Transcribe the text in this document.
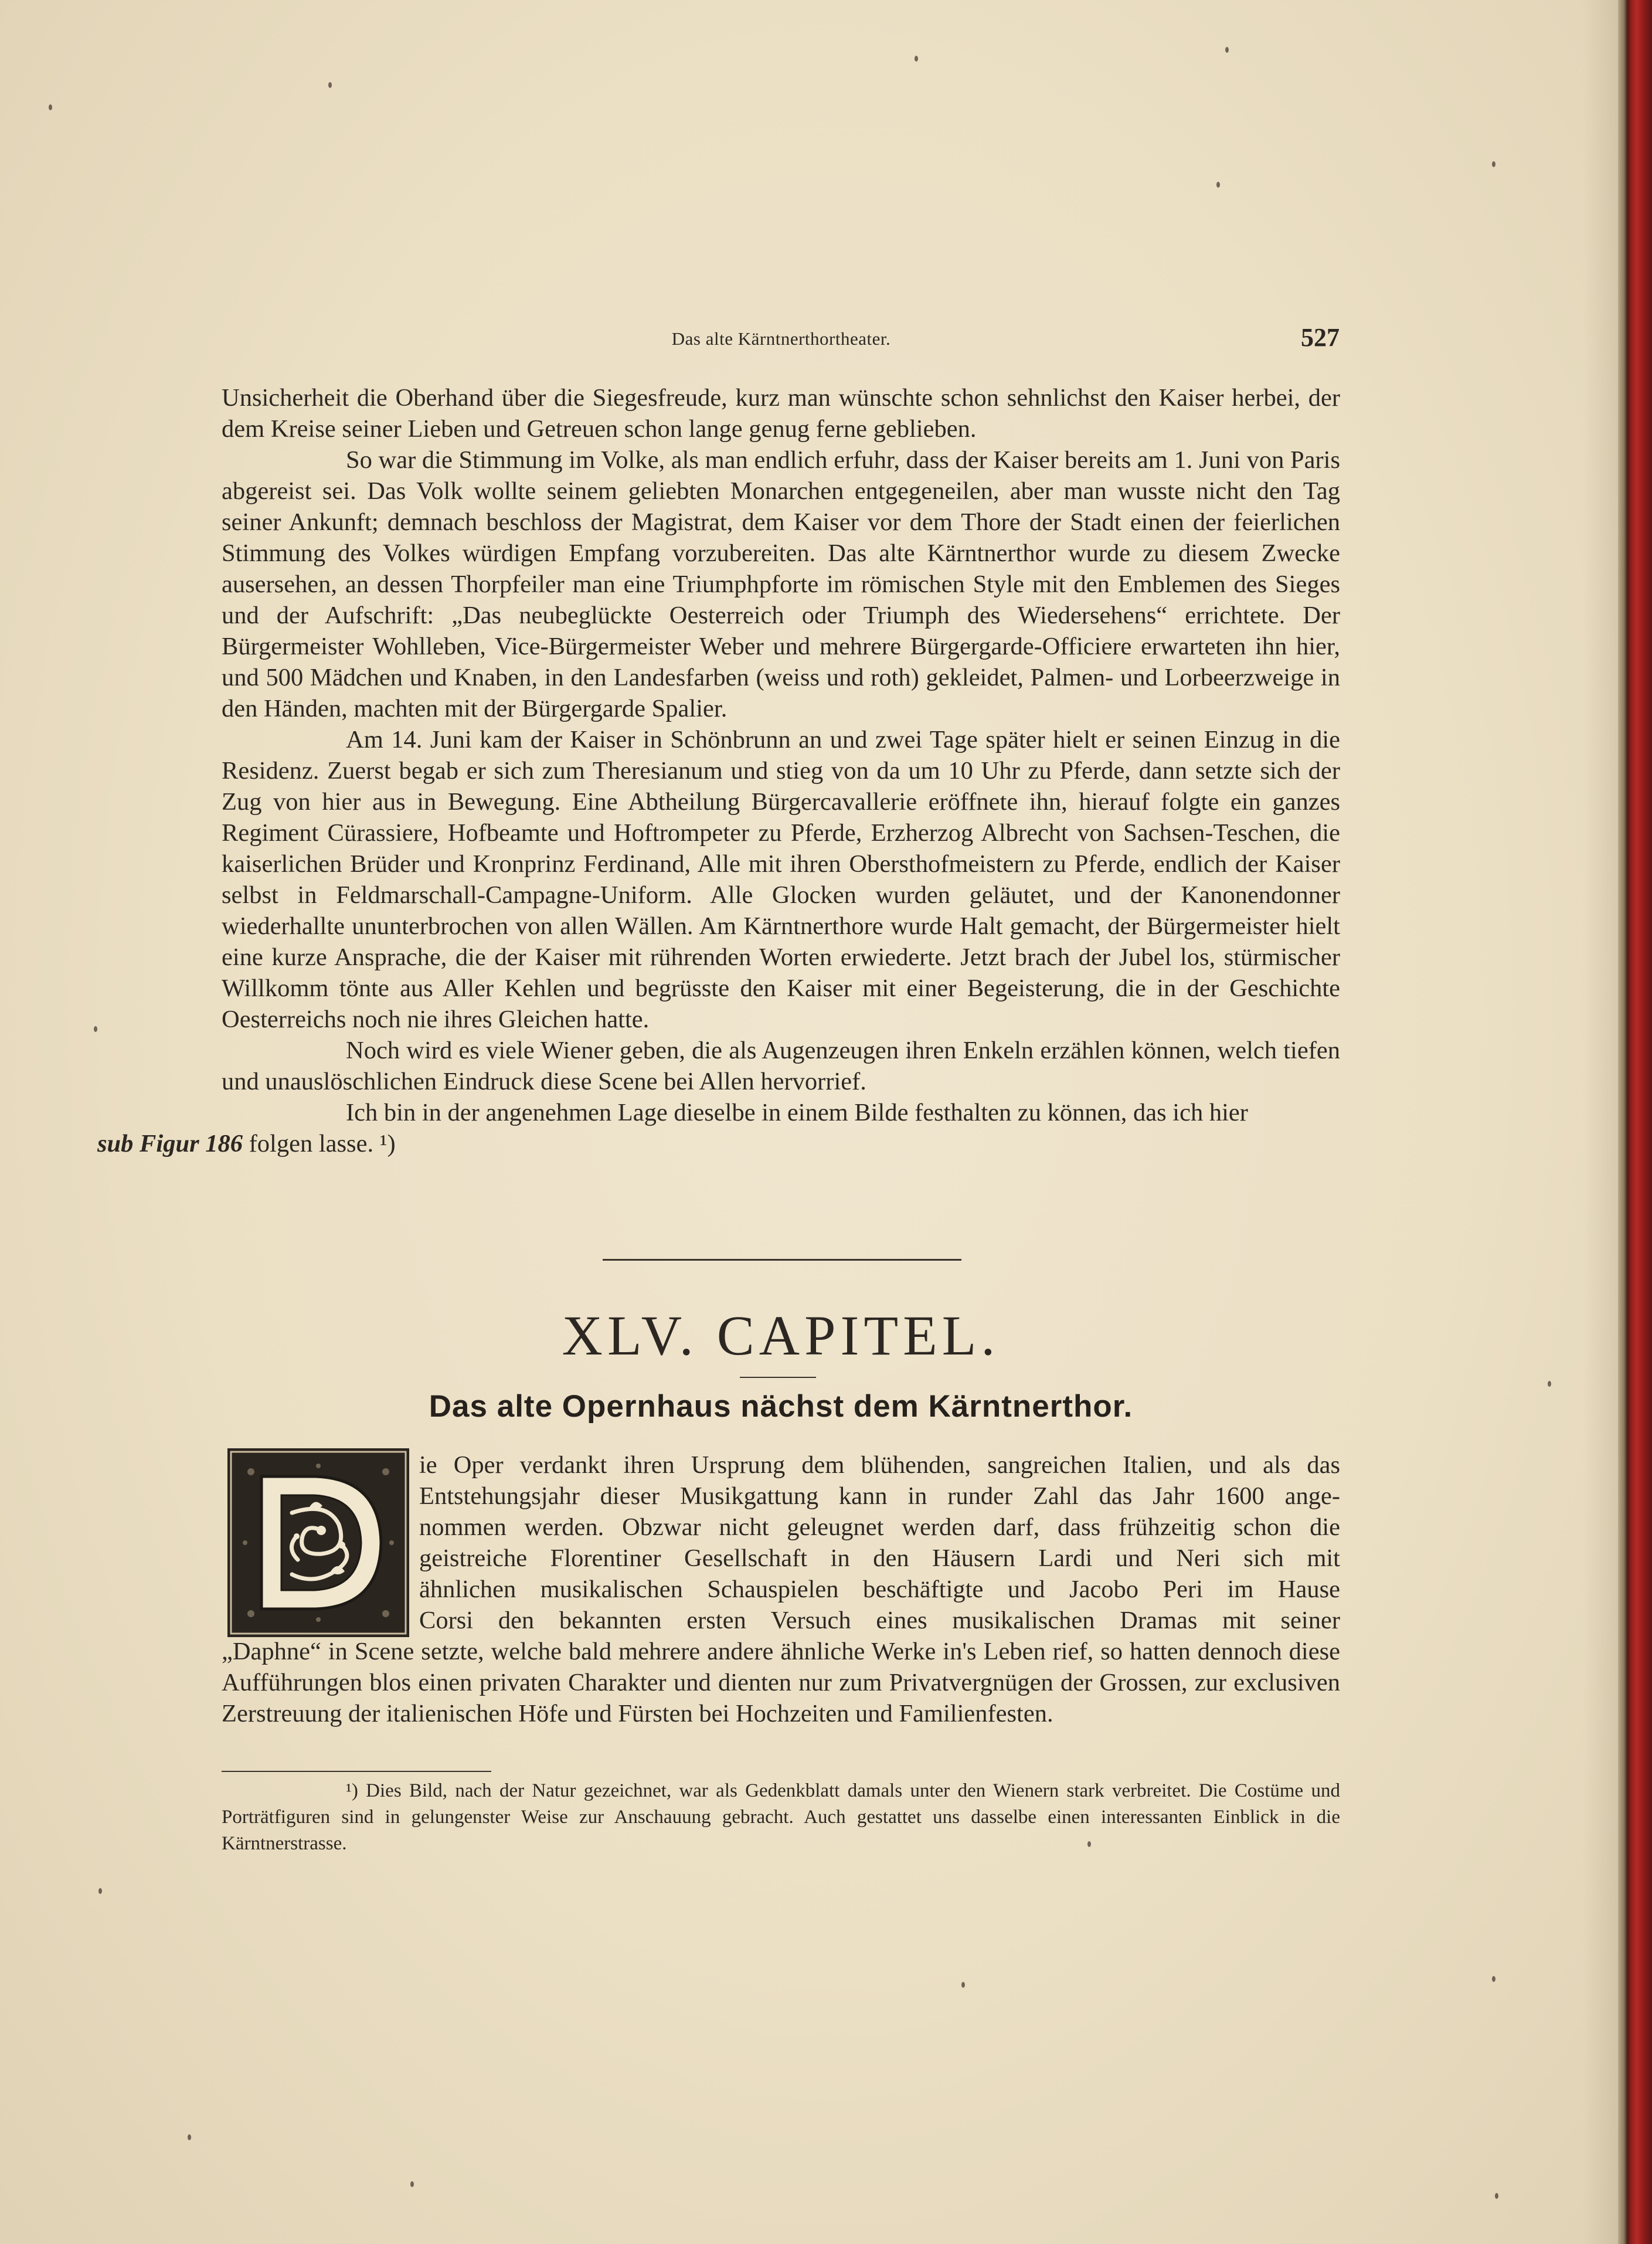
Das alte Kärntnerthortheater.	527

Unsicherheit die Oberhand über die Siegesfreude, kurz man wünschte schon sehnlichst den Kaiser herbei, der dem Kreise seiner Lieben und Getreuen schon lange genug ferne geblieben.

So war die Stimmung im Volke, als man endlich erfuhr, dass der Kaiser bereits am 1. Juni von Paris abgereist sei. Das Volk wollte seinem geliebten Monarchen entgegeneilen, aber man wusste nicht den Tag seiner Ankunft; demnach beschloss der Magistrat, dem Kaiser vor dem Thore der Stadt einen der feierlichen Stimmung des Volkes würdigen Empfang vorzubereiten. Das alte Kärntnerthor wurde zu diesem Zwecke ausersehen, an dessen Thorpfeiler man eine Triumphpforte im römischen Style mit den Emblemen des Sieges und der Aufschrift: „Das neubeglückte Oesterreich oder Triumph des Wiedersehens“ errichtete. Der Bürgermeister Wohlleben, Vice-Bürgermeister Weber und mehrere Bürgergarde-Officiere erwarteten ihn hier, und 500 Mädchen und Knaben, in den Landesfarben (weiss und roth) gekleidet, Palmen- und Lorbeerzweige in den Händen, machten mit der Bürgergarde Spalier.

Am 14. Juni kam der Kaiser in Schönbrunn an und zwei Tage später hielt er seinen Einzug in die Residenz. Zuerst begab er sich zum Theresianum und stieg von da um 10 Uhr zu Pferde, dann setzte sich der Zug von hier aus in Bewegung. Eine Abtheilung Bürgercavallerie eröffnete ihn, hierauf folgte ein ganzes Regiment Cürassiere, Hofbeamte und Hoftrompeter zu Pferde, Erzherzog Albrecht von Sachsen-Teschen, die kaiserlichen Brüder und Kronprinz Ferdinand, Alle mit ihren Obersthofmeistern zu Pferde, endlich der Kaiser selbst in Feldmarschall-Campagne-Uniform. Alle Glocken wurden geläutet, und der Kanonendonner wiederhallte ununterbrochen von allen Wällen. Am Kärntnerthore wurde Halt gemacht, der Bürgermeister hielt eine kurze Ansprache, die der Kaiser mit rührenden Worten erwiederte. Jetzt brach der Jubel los, stürmischer Willkomm tönte aus Aller Kehlen und begrüsste den Kaiser mit einer Begeisterung, die in der Geschichte Oesterreichs noch nie ihres Gleichen hatte.

Noch wird es viele Wiener geben, die als Augenzeugen ihren Enkeln erzählen können, welch tiefen und unauslöschlichen Eindruck diese Scene bei Allen hervorrief.

Ich bin in der angenehmen Lage dieselbe in einem Bilde festhalten zu können, das ich hier
sub Figur 186 folgen lasse. ¹)

XLV. CAPITEL.
Das alte Opernhaus nächst dem Kärntnerthor.
ie Oper verdankt ihren Ursprung dem blühenden, sangreichen Italien, und als das
Entstehungsjahr dieser Musikgattung kann in runder Zahl das Jahr 1600 ange-
nommen werden. Obzwar nicht geleugnet werden darf, dass frühzeitig schon die
geistreiche Florentiner Gesellschaft in den Häusern Lardi und Neri sich mit
ähnlichen musikalischen Schauspielen beschäftigte und Jacobo Peri im Hause
Corsi den bekannten ersten Versuch eines musikalischen Dramas mit seiner

„Daphne“ in Scene setzte, welche bald mehrere andere ähnliche Werke in's Leben rief, so hatten dennoch diese Aufführungen blos einen privaten Charakter und dienten nur zum Privatvergnügen der Grossen, zur exclusiven Zerstreuung der italienischen Höfe und Fürsten bei Hochzeiten und Familienfesten.

¹) Dies Bild, nach der Natur gezeichnet, war als Gedenkblatt damals unter den Wienern stark verbreitet. Die Costüme und Porträtfiguren sind in gelungenster Weise zur Anschauung gebracht. Auch gestattet uns dasselbe einen interessanten Einblick in die Kärntnerstrasse.
